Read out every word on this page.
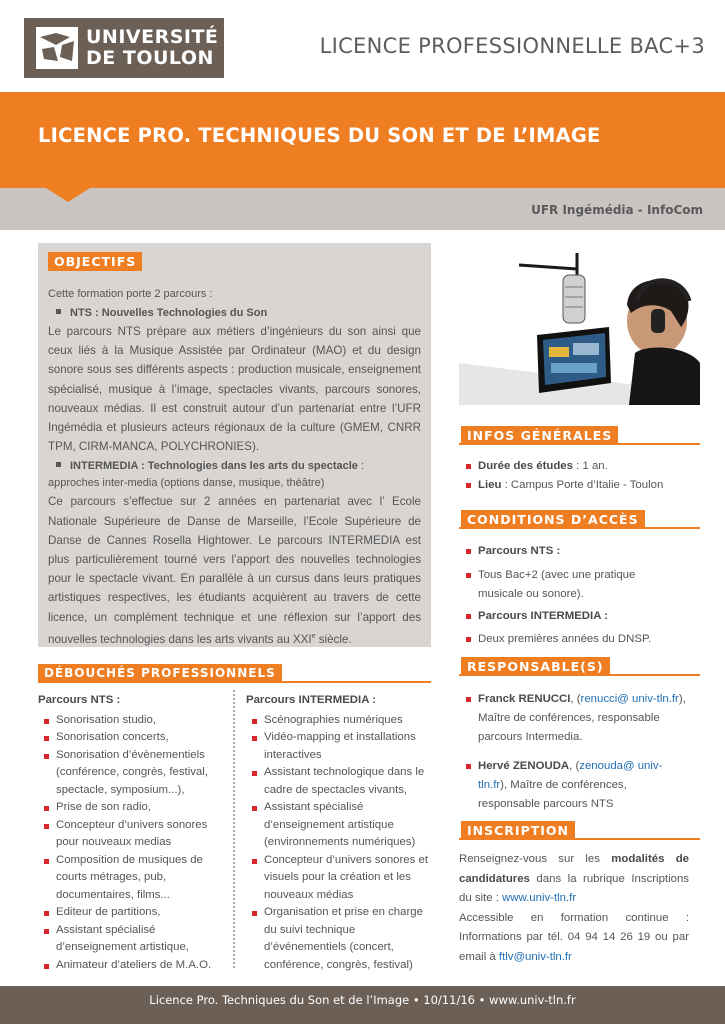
UNIVERSITÉ
DE TOULON	LICENCE PROFESSIONNELLE BAC+3
LICENCE PRO. TECHNIQUES DU SON ET DE L’IMAGE
UFR Ingémédia - InfoCom
OBJECTIFS

Cette formation porte 2 parcours :

NTS : Nouvelles Technologies du Son

Le parcours NTS prépare aux métiers d’ingénieurs du son ainsi que ceux liés à la Musique Assistée par Ordinateur (MAO) et du design sonore sous ses différents aspects : production musicale, enseignement spécialisé, musique à l’image, spectacles vivants, parcours sonores, nouveaux médias. Il est construit autour d’un partenariat entre l’UFR Ingémédia et plusieurs acteurs régionaux de la culture (GMEM, CNRR TPM, CIRM-MANCA, POLYCHRONIES).

INTERMEDIA : Technologies dans les arts du spectacle :

approches inter-media (options danse, musique, théâtre)

Ce parcours s’effectue sur 2 années en partenariat avec l’ Ecole Nationale Supérieure de Danse de Marseille, l’Ecole Supérieure de Danse de Cannes Rosella Hightower. Le parcours INTERMEDIA est plus particulièrement tourné vers l’apport des nouvelles technologies pour le spectacle vivant. En parallèle à un cursus dans leurs pratiques artistiques respectives, les étudiants acquièrent au travers de cette licence, un complément technique et une réflexion sur l’apport des nouvelles technologies dans les arts vivants au XXIe siècle.

DÉBOUCHÉS PROFESSIONNELS
Parcours NTS :
Sonorisation studio,
Sonorisation concerts,
Sonorisation d’évènementiels (conférence, congrès, festival, spectacle, symposium...),
Prise de son radio,
Concepteur d’univers sonores pour nouveaux medias
Composition de musiques de courts métrages, pub, documentaires, films...
Editeur de partitions,
Assistant spécialisé d’enseignement artistique,
Animateur d’ateliers de M.A.O.
Parcours INTERMEDIA :
Scénographies numériques
Vidéo-mapping et installations interactives
Assistant technologique dans le cadre de spectacles vivants,
Assistant spécialisé d’enseignement artistique (environnements numériques)
Concepteur d’univers sonores et visuels pour la création et les nouveaux médias
Organisation et prise en charge du suivi technique d’événementiels (concert, conférence, congrès, festival)
INFOS GÉNÉRALES
Durée des études : 1 an.
Lieu : Campus Porte d’Italie - Toulon
CONDITIONS D’ACCÈS
Parcours NTS :
Tous Bac+2 (avec une pratique musicale ou sonore).
Parcours INTERMEDIA :
Deux premières années du DNSP.
RESPONSABLE(S)
Franck RENUCCI, (renucci@ univ-tln.fr), Maître de conférences, responsable parcours Intermedia.
Hervé ZENOUDA, (zenouda@ univ-tln.fr), Maître de conférences, responsable parcours NTS
INSCRIPTION
Renseignez-vous sur les modalités de candidatures dans la rubrique Inscriptions du site : www.univ-tln.fr
Accessible en formation continue : Informations par tél. 04 94 14 26 19 ou par email à ftlv@univ-tln.fr
Licence Pro. Techniques du Son et de l’Image • 10/11/16 • www.univ-tln.fr
